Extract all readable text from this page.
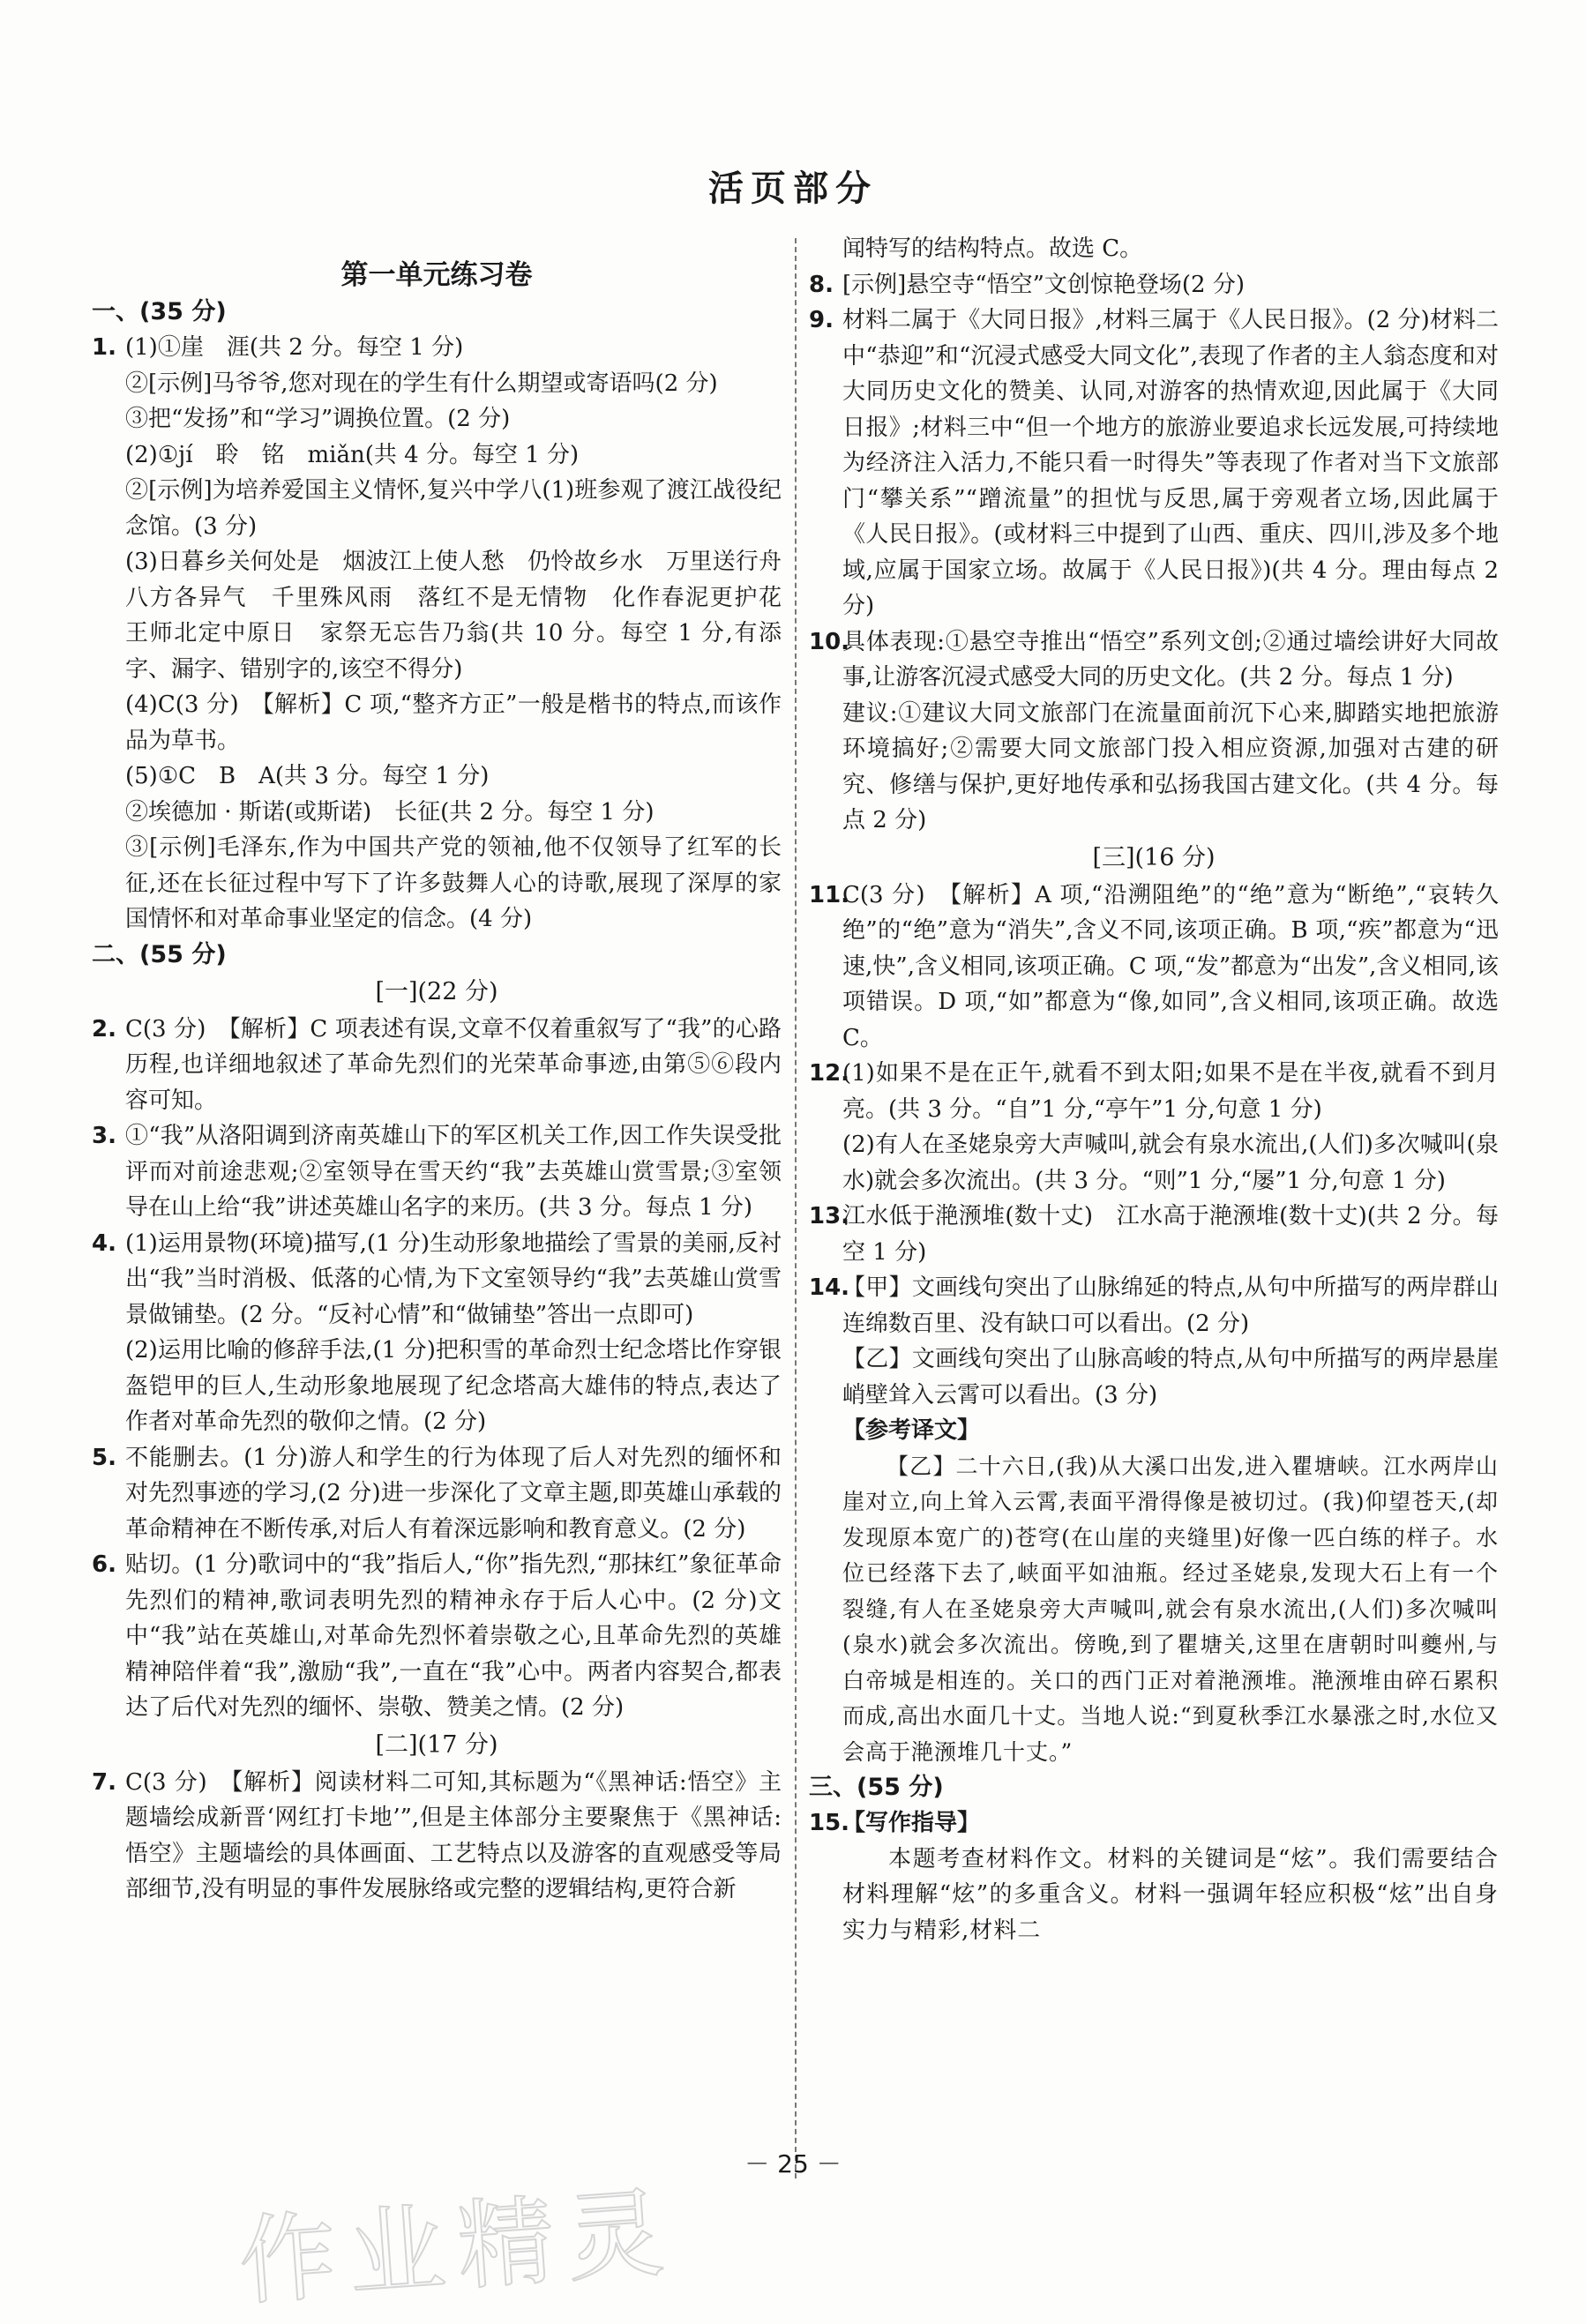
活页部分
第一单元练习卷
一、(35 分)
1. (1)①崖　涯(共 2 分。每空 1 分)

②[示例]马爷爷,您对现在的学生有什么期望或寄语吗(2 分)

③把“发扬”和“学习”调换位置。(2 分)

(2)①jí　聆　铭　miǎn(共 4 分。每空 1 分)

②[示例]为培养爱国主义情怀,复兴中学八(1)班参观了渡江战役纪念馆。(3 分)

(3)日暮乡关何处是　烟波江上使人愁　仍怜故乡水　万里送行舟　八方各异气　千里殊风雨　落红不是无情物　化作春泥更护花　王师北定中原日　家祭无忘告乃翁(共 10 分。每空 1 分,有添字、漏字、错别字的,该空不得分)

(4)C(3 分)　【解析】C 项,“整齐方正”一般是楷书的特点,而该作品为草书。

(5)①C　B　A(共 3 分。每空 1 分)

②埃德加 · 斯诺(或斯诺)　长征(共 2 分。每空 1 分)

③[示例]毛泽东,作为中国共产党的领袖,他不仅领导了红军的长征,还在长征过程中写下了许多鼓舞人心的诗歌,展现了深厚的家国情怀和对革命事业坚定的信念。(4 分)

二、(55 分)
[一](22 分)
2. C(3 分)　【解析】C 项表述有误,文章不仅着重叙写了“我”的心路历程,也详细地叙述了革命先烈们的光荣革命事迹,由第⑤⑥段内容可知。

3. ①“我”从洛阳调到济南英雄山下的军区机关工作,因工作失误受批评而对前途悲观;②室领导在雪天约“我”去英雄山赏雪景;③室领导在山上给“我”讲述英雄山名字的来历。(共 3 分。每点 1 分)

4. (1)运用景物(环境)描写,(1 分)生动形象地描绘了雪景的美丽,反衬出“我”当时消极、低落的心情,为下文室领导约“我”去英雄山赏雪景做铺垫。(2 分。“反衬心情”和“做铺垫”答出一点即可)

(2)运用比喻的修辞手法,(1 分)把积雪的革命烈士纪念塔比作穿银盔铠甲的巨人,生动形象地展现了纪念塔高大雄伟的特点,表达了作者对革命先烈的敬仰之情。(2 分)

5. 不能删去。(1 分)游人和学生的行为体现了后人对先烈的缅怀和对先烈事迹的学习,(2 分)进一步深化了文章主题,即英雄山承载的革命精神在不断传承,对后人有着深远影响和教育意义。(2 分)

6. 贴切。(1 分)歌词中的“我”指后人,“你”指先烈,“那抹红”象征革命先烈们的精神,歌词表明先烈的精神永存于后人心中。(2 分)文中“我”站在英雄山,对革命先烈怀着崇敬之心,且革命先烈的英雄精神陪伴着“我”,激励“我”,一直在“我”心中。两者内容契合,都表达了后代对先烈的缅怀、崇敬、赞美之情。(2 分)

[二](17 分)
7. C(3 分)　【解析】阅读材料二可知,其标题为“《黑神话:悟空》主题墙绘成新晋‘网红打卡地’”,但是主体部分主要聚焦于《黑神话:悟空》主题墙绘的具体画面、工艺特点以及游客的直观感受等局部细节,没有明显的事件发展脉络或完整的逻辑结构,更符合新

闻特写的结构特点。故选 C。

8. [示例]悬空寺“悟空”文创惊艳登场(2 分)

9. 材料二属于《大同日报》,材料三属于《人民日报》。(2 分)材料二中“恭迎”和“沉浸式感受大同文化”,表现了作者的主人翁态度和对大同历史文化的赞美、认同,对游客的热情欢迎,因此属于《大同日报》;材料三中“但一个地方的旅游业要追求长远发展,可持续地为经济注入活力,不能只看一时得失”等表现了作者对当下文旅部门“攀关系”“蹭流量”的担忧与反思,属于旁观者立场,因此属于《人民日报》。(或材料三中提到了山西、重庆、四川,涉及多个地域,应属于国家立场。故属于《人民日报》)(共 4 分。理由每点 2 分)

10.

具体表现:①悬空寺推出“悟空”系列文创;②通过墙绘讲好大同故事,让游客沉浸式感受大同的历史文化。(共 2 分。每点 1 分)

建议:①建议大同文旅部门在流量面前沉下心来,脚踏实地把旅游环境搞好;②需要大同文旅部门投入相应资源,加强对古建的研究、修缮与保护,更好地传承和弘扬我国古建文化。(共 4 分。每点 2 分)

[三](16 分)
11.

C(3 分)　【解析】A 项,“沿溯阻绝”的“绝”意为“断绝”,“哀转久绝”的“绝”意为“消失”,含义不同,该项正确。B 项,“疾”都意为“迅速,快”,含义相同,该项正确。C 项,“发”都意为“出发”,含义相同,该项错误。D 项,“如”都意为“像,如同”,含义相同,该项正确。故选 C。

12.

(1)如果不是在正午,就看不到太阳;如果不是在半夜,就看不到月亮。(共 3 分。“自”1 分,“亭午”1 分,句意 1 分)

(2)有人在圣姥泉旁大声喊叫,就会有泉水流出,(人们)多次喊叫(泉水)就会多次流出。(共 3 分。“则”1 分,“屡”1 分,句意 1 分)

13.

江水低于滟滪堆(数十丈)　江水高于滟滪堆(数十丈)(共 2 分。每空 1 分)

14.

【甲】文画线句突出了山脉绵延的特点,从句中所描写的两岸群山连绵数百里、没有缺口可以看出。(2 分)

【乙】文画线句突出了山脉高峻的特点,从句中所描写的两岸悬崖峭壁耸入云霄可以看出。(3 分)

【参考译文】

【乙】二十六日,(我)从大溪口出发,进入瞿塘峡。江水两岸山崖对立,向上耸入云霄,表面平滑得像是被切过。(我)仰望苍天,(却发现原本宽广的)苍穹(在山崖的夹缝里)好像一匹白练的样子。水位已经落下去了,峡面平如油瓶。经过圣姥泉,发现大石上有一个裂缝,有人在圣姥泉旁大声喊叫,就会有泉水流出,(人们)多次喊叫(泉水)就会多次流出。傍晚,到了瞿塘关,这里在唐朝时叫夔州,与白帝城是相连的。关口的西门正对着滟滪堆。滟滪堆由碎石累积而成,高出水面几十丈。当地人说:“到夏秋季江水暴涨之时,水位又会高于滟滪堆几十丈。”

三、(55 分)
15.

【写作指导】

本题考查材料作文。材料的关键词是“炫”。我们需要结合材料理解“炫”的多重含义。材料一强调年轻应积极“炫”出自身实力与精彩,材料二

－ 25 －
作业精灵
